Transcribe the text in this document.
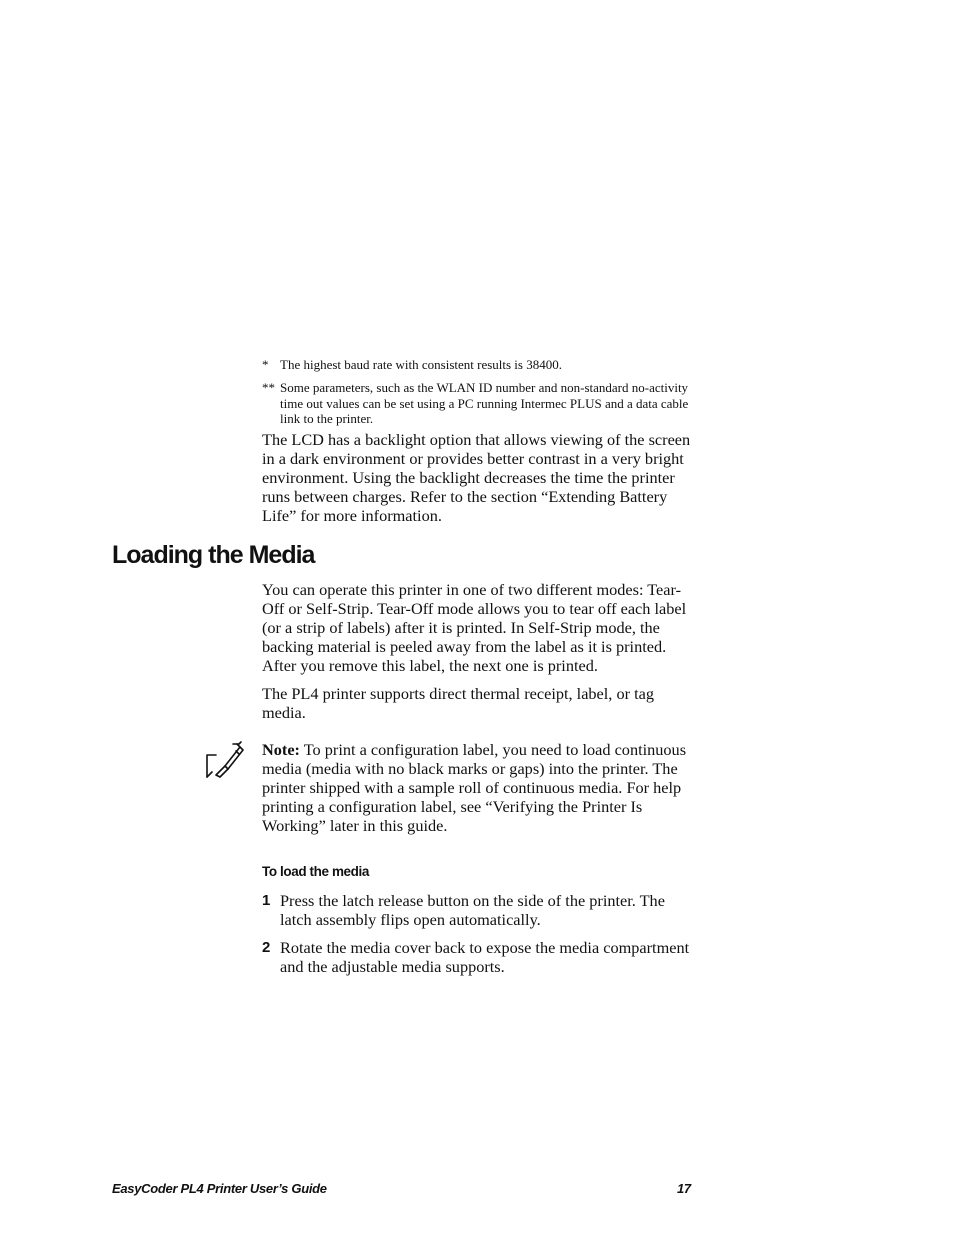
* The highest baud rate with consistent results is 38400.
** Some parameters, such as the WLAN ID number and non-standard no-activity time out values can be set using a PC running Intermec PLUS and a data cable link to the printer.

The LCD has a backlight option that allows viewing of the screen in a dark environment or provides better contrast in a very bright environment. Using the backlight decreases the time the printer runs between charges. Refer to the section “Extending Battery Life” for more information.

Loading the Media

You can operate this printer in one of two different modes: Tear-Off or Self-Strip. Tear-Off mode allows you to tear off each label (or a strip of labels) after it is printed. In Self-Strip mode, the backing material is peeled away from the label as it is printed. After you remove this label, the next one is printed.

The PL4 printer supports direct thermal receipt, label, or tag media.

Note: To print a configuration label, you need to load continuous media (media with no black marks or gaps) into the printer. The printer shipped with a sample roll of continuous media. For help printing a configuration label, see “Verifying the Printer Is Working” later in this guide.

To load the media
1 Press the latch release button on the side of the printer. The latch assembly flips open automatically.
2 Rotate the media cover back to expose the media compartment and the adjustable media supports.
EasyCoder PL4 Printer User’s Guide	17
